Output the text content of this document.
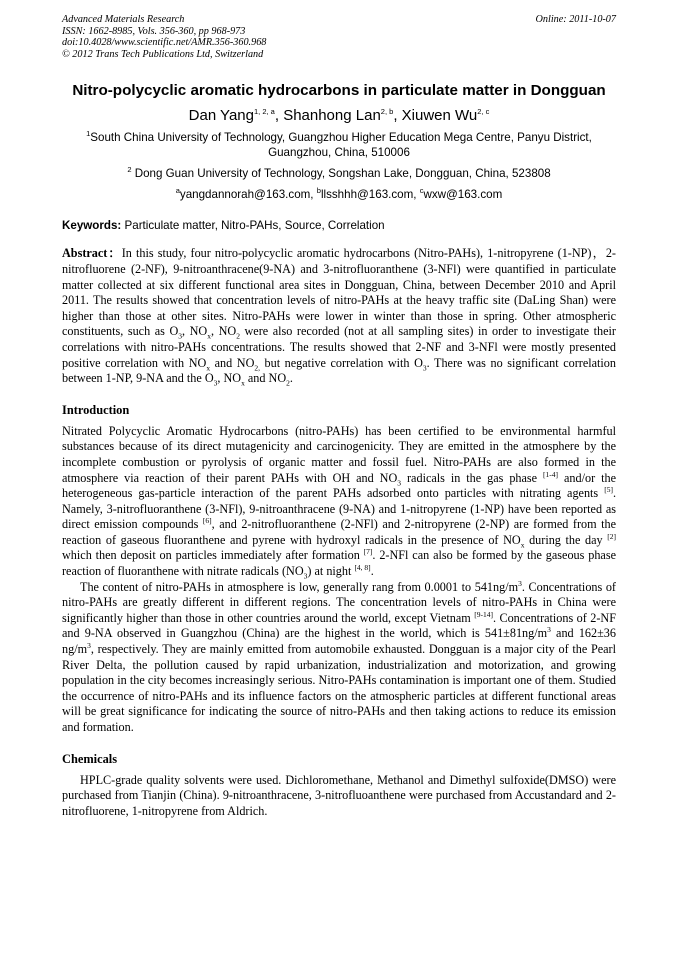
Advanced Materials Research
ISSN: 1662-8985, Vols. 356-360, pp 968-973
doi:10.4028/www.scientific.net/AMR.356-360.968
© 2012 Trans Tech Publications Ltd, Switzerland
Online: 2011-10-07
Nitro-polycyclic aromatic hydrocarbons in particulate matter in Dongguan
Dan Yang$^{1, 2, a}$, Shanhong Lan$^{2, b}$, Xiuwen Wu$^{2, c}$
$^1$South China University of Technology, Guangzhou Higher Education Mega Centre, Panyu District, Guangzhou, China, 510006
$^2$ Dong Guan University of Technology, Songshan Lake, Dongguan, China, 523808
$^a$yangdannorah@163.com, $^b$llsshhh@163.com, $^c$wxw@163.com
Keywords: Particulate matter, Nitro-PAHs, Source, Correlation
Abstract：In this study, four nitro-polycyclic aromatic hydrocarbons (Nitro-PAHs), 1-nitropyrene (1-NP)，2-nitrofluorene (2-NF), 9-nitroanthracene(9-NA) and 3-nitrofluoranthene (3-NFl) were quantified in particulate matter collected at six different functional area sites in Dongguan, China, between December 2010 and April 2011. The results showed that concentration levels of nitro-PAHs at the heavy traffic site (DaLing Shan) were higher than those at other sites. Nitro-PAHs were lower in winter than those in spring. Other atmospheric constituents, such as $O_3$, $NO_x$, $NO_2$ were also recorded (not at all sampling sites) in order to investigate their correlations with nitro-PAHs concentrations. The results showed that 2-NF and 3-NFl were mostly presented positive correlation with $NO_x$ and $NO_{2,}$ but negative correlation with $O_3$. There was no significant correlation between 1-NP, 9-NA and the $O_3$, $NO_x$ and $NO_2$.
Introduction

Nitrated Polycyclic Aromatic Hydrocarbons (nitro-PAHs) has been certified to be environmental harmful substances because of its direct mutagenicity and carcinogenicity. They are emitted in the atmosphere by the incomplete combustion or pyrolysis of organic matter and fossil fuel. Nitro-PAHs are also formed in the atmosphere via reaction of their parent PAHs with OH and $NO_3$ radicals in the gas phase [1-4] and/or the heterogeneous gas-particle interaction of the parent PAHs adsorbed onto particles with nitrating agents [5]. Namely, 3-nitrofluoranthene (3-NFl), 9-nitroanthracene (9-NA) and 1-nitropyrene (1-NP) have been reported as direct emission compounds [6], and 2-nitrofluoranthene (2-NFl) and 2-nitropyrene (2-NP) are formed from the reaction of gaseous fluoranthene and pyrene with hydroxyl radicals in the presence of $NO_x$ during the day [2] which then deposit on particles immediately after formation [7]. 2-NFl can also be formed by the gaseous phase reaction of fluoranthene with nitrate radicals $(NO_3)$ at night [4, 8].

The content of nitro-PAHs in atmosphere is low, generally rang from 0.0001 to $541ng/m^3$. Concentrations of nitro-PAHs are greatly different in different regions. The concentration levels of nitro-PAHs in China were significantly higher than those in other countries around the world, except Vietnam [9-14]. Concentrations of 2-NF and 9-NA observed in Guangzhou (China) are the highest in the world, which is $541\pm 81ng/m^3$ and 162±36 $ng/m^3$, respectively. They are mainly emitted from automobile exhausted. Dongguan is a major city of the Pearl River Delta, the pollution caused by rapid urbanization, industrialization and motorization, and growing population in the city becomes increasingly serious. Nitro-PAHs contamination is important one of them. Studied the occurrence of nitro-PAHs and its influence factors on the atmospheric particles at different functional areas will be great significance for indicating the source of nitro-PAHs and then taking actions to reduce its emission and formation.

Chemicals

HPLC-grade quality solvents were used. Dichloromethane, Methanol and Dimethyl sulfoxide(DMSO) were purchased from Tianjin (China). 9-nitroanthracene, 3-nitrofluoanthene were purchased from Accustandard and 2-nitrofluorene, 1-nitropyrene from Aldrich.
